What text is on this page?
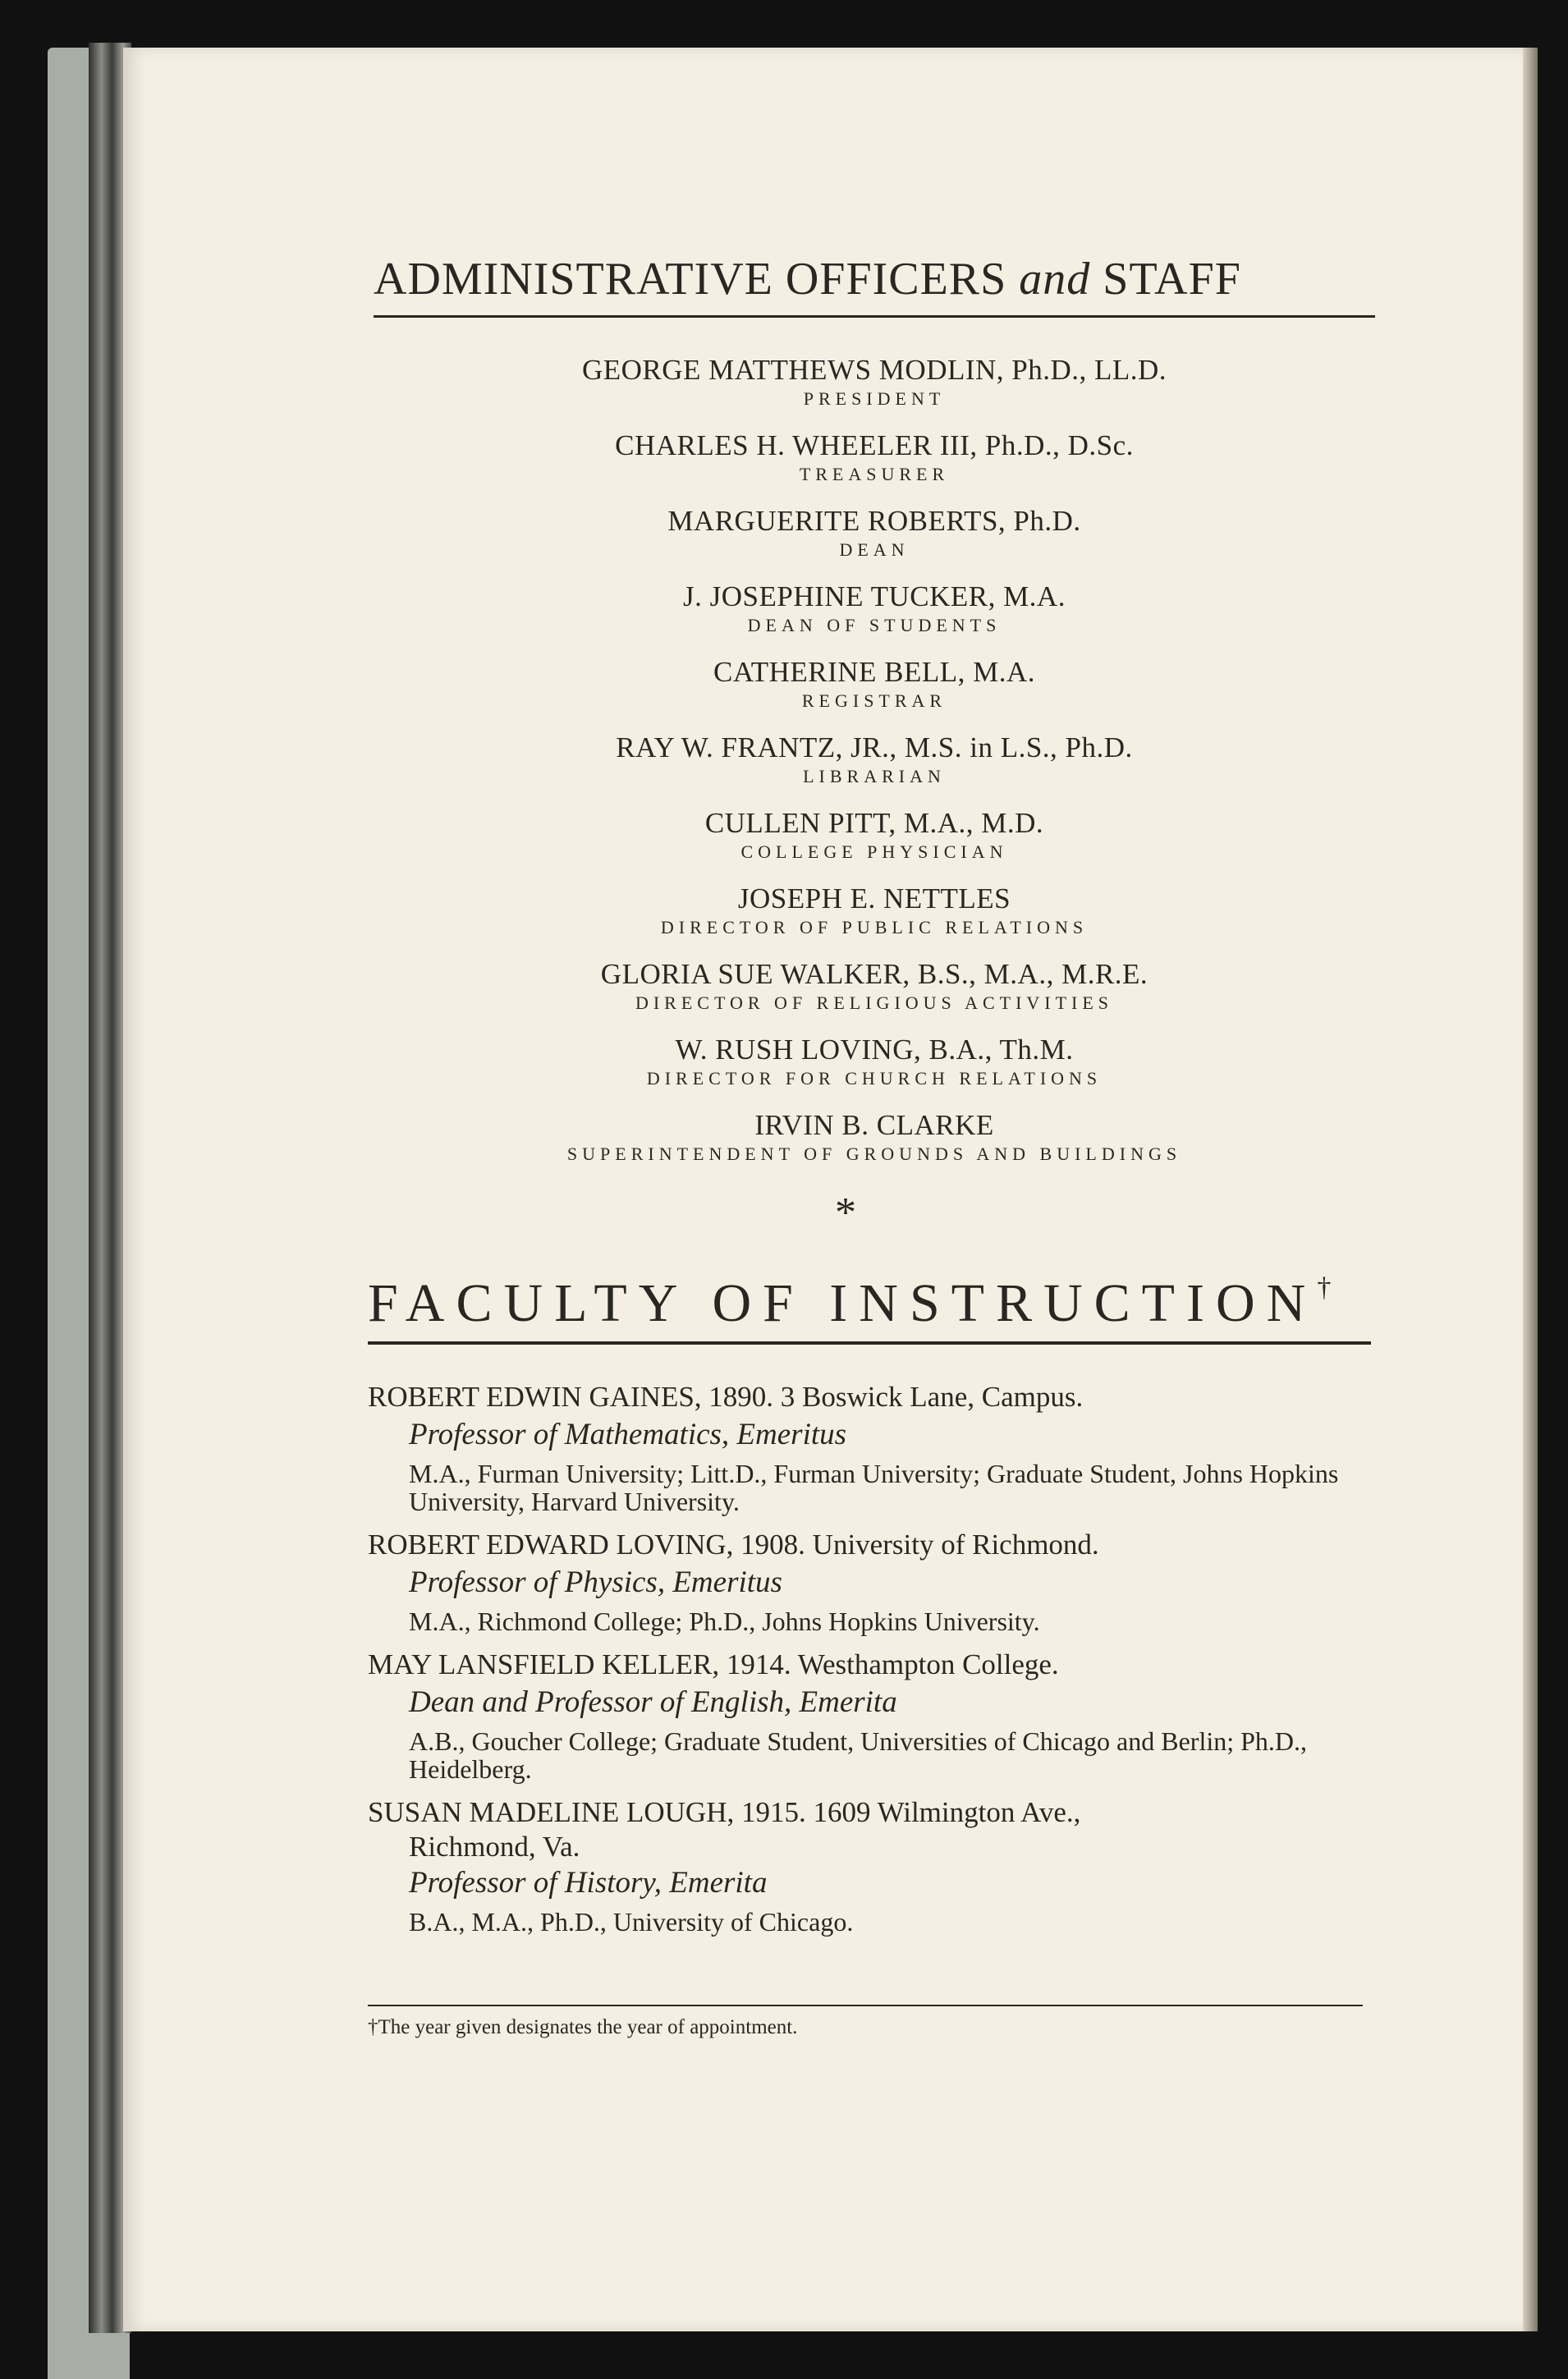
ADMINISTRATIVE OFFICERS and STAFF
GEORGE MATTHEWS MODLIN, Ph.D., LL.D.
PRESIDENT
CHARLES H. WHEELER III, Ph.D., D.Sc.
TREASURER
MARGUERITE ROBERTS, Ph.D.
DEAN
J. JOSEPHINE TUCKER, M.A.
DEAN OF STUDENTS
CATHERINE BELL, M.A.
REGISTRAR
RAY W. FRANTZ, JR., M.S. in L.S., Ph.D.
LIBRARIAN
CULLEN PITT, M.A., M.D.
COLLEGE PHYSICIAN
JOSEPH E. NETTLES
DIRECTOR OF PUBLIC RELATIONS
GLORIA SUE WALKER, B.S., M.A., M.R.E.
DIRECTOR OF RELIGIOUS ACTIVITIES
W. RUSH LOVING, B.A., Th.M.
DIRECTOR FOR CHURCH RELATIONS
IRVIN B. CLARKE
SUPERINTENDENT OF GROUNDS AND BUILDINGS
*
FACULTY OF INSTRUCTION†
ROBERT EDWIN GAINES, 1890. 3 Boswick Lane, Campus.
Professor of Mathematics, Emeritus
M.A., Furman University; Litt.D., Furman University; Graduate Student, Johns Hopkins University, Harvard University.
ROBERT EDWARD LOVING, 1908. University of Richmond.
Professor of Physics, Emeritus
M.A., Richmond College; Ph.D., Johns Hopkins University.
MAY LANSFIELD KELLER, 1914. Westhampton College.
Dean and Professor of English, Emerita
A.B., Goucher College; Graduate Student, Universities of Chicago and Berlin; Ph.D., Heidelberg.
SUSAN MADELINE LOUGH, 1915. 1609 Wilmington Ave.,
Richmond, Va.
Professor of History, Emerita
B.A., M.A., Ph.D., University of Chicago.
†The year given designates the year of appointment.
